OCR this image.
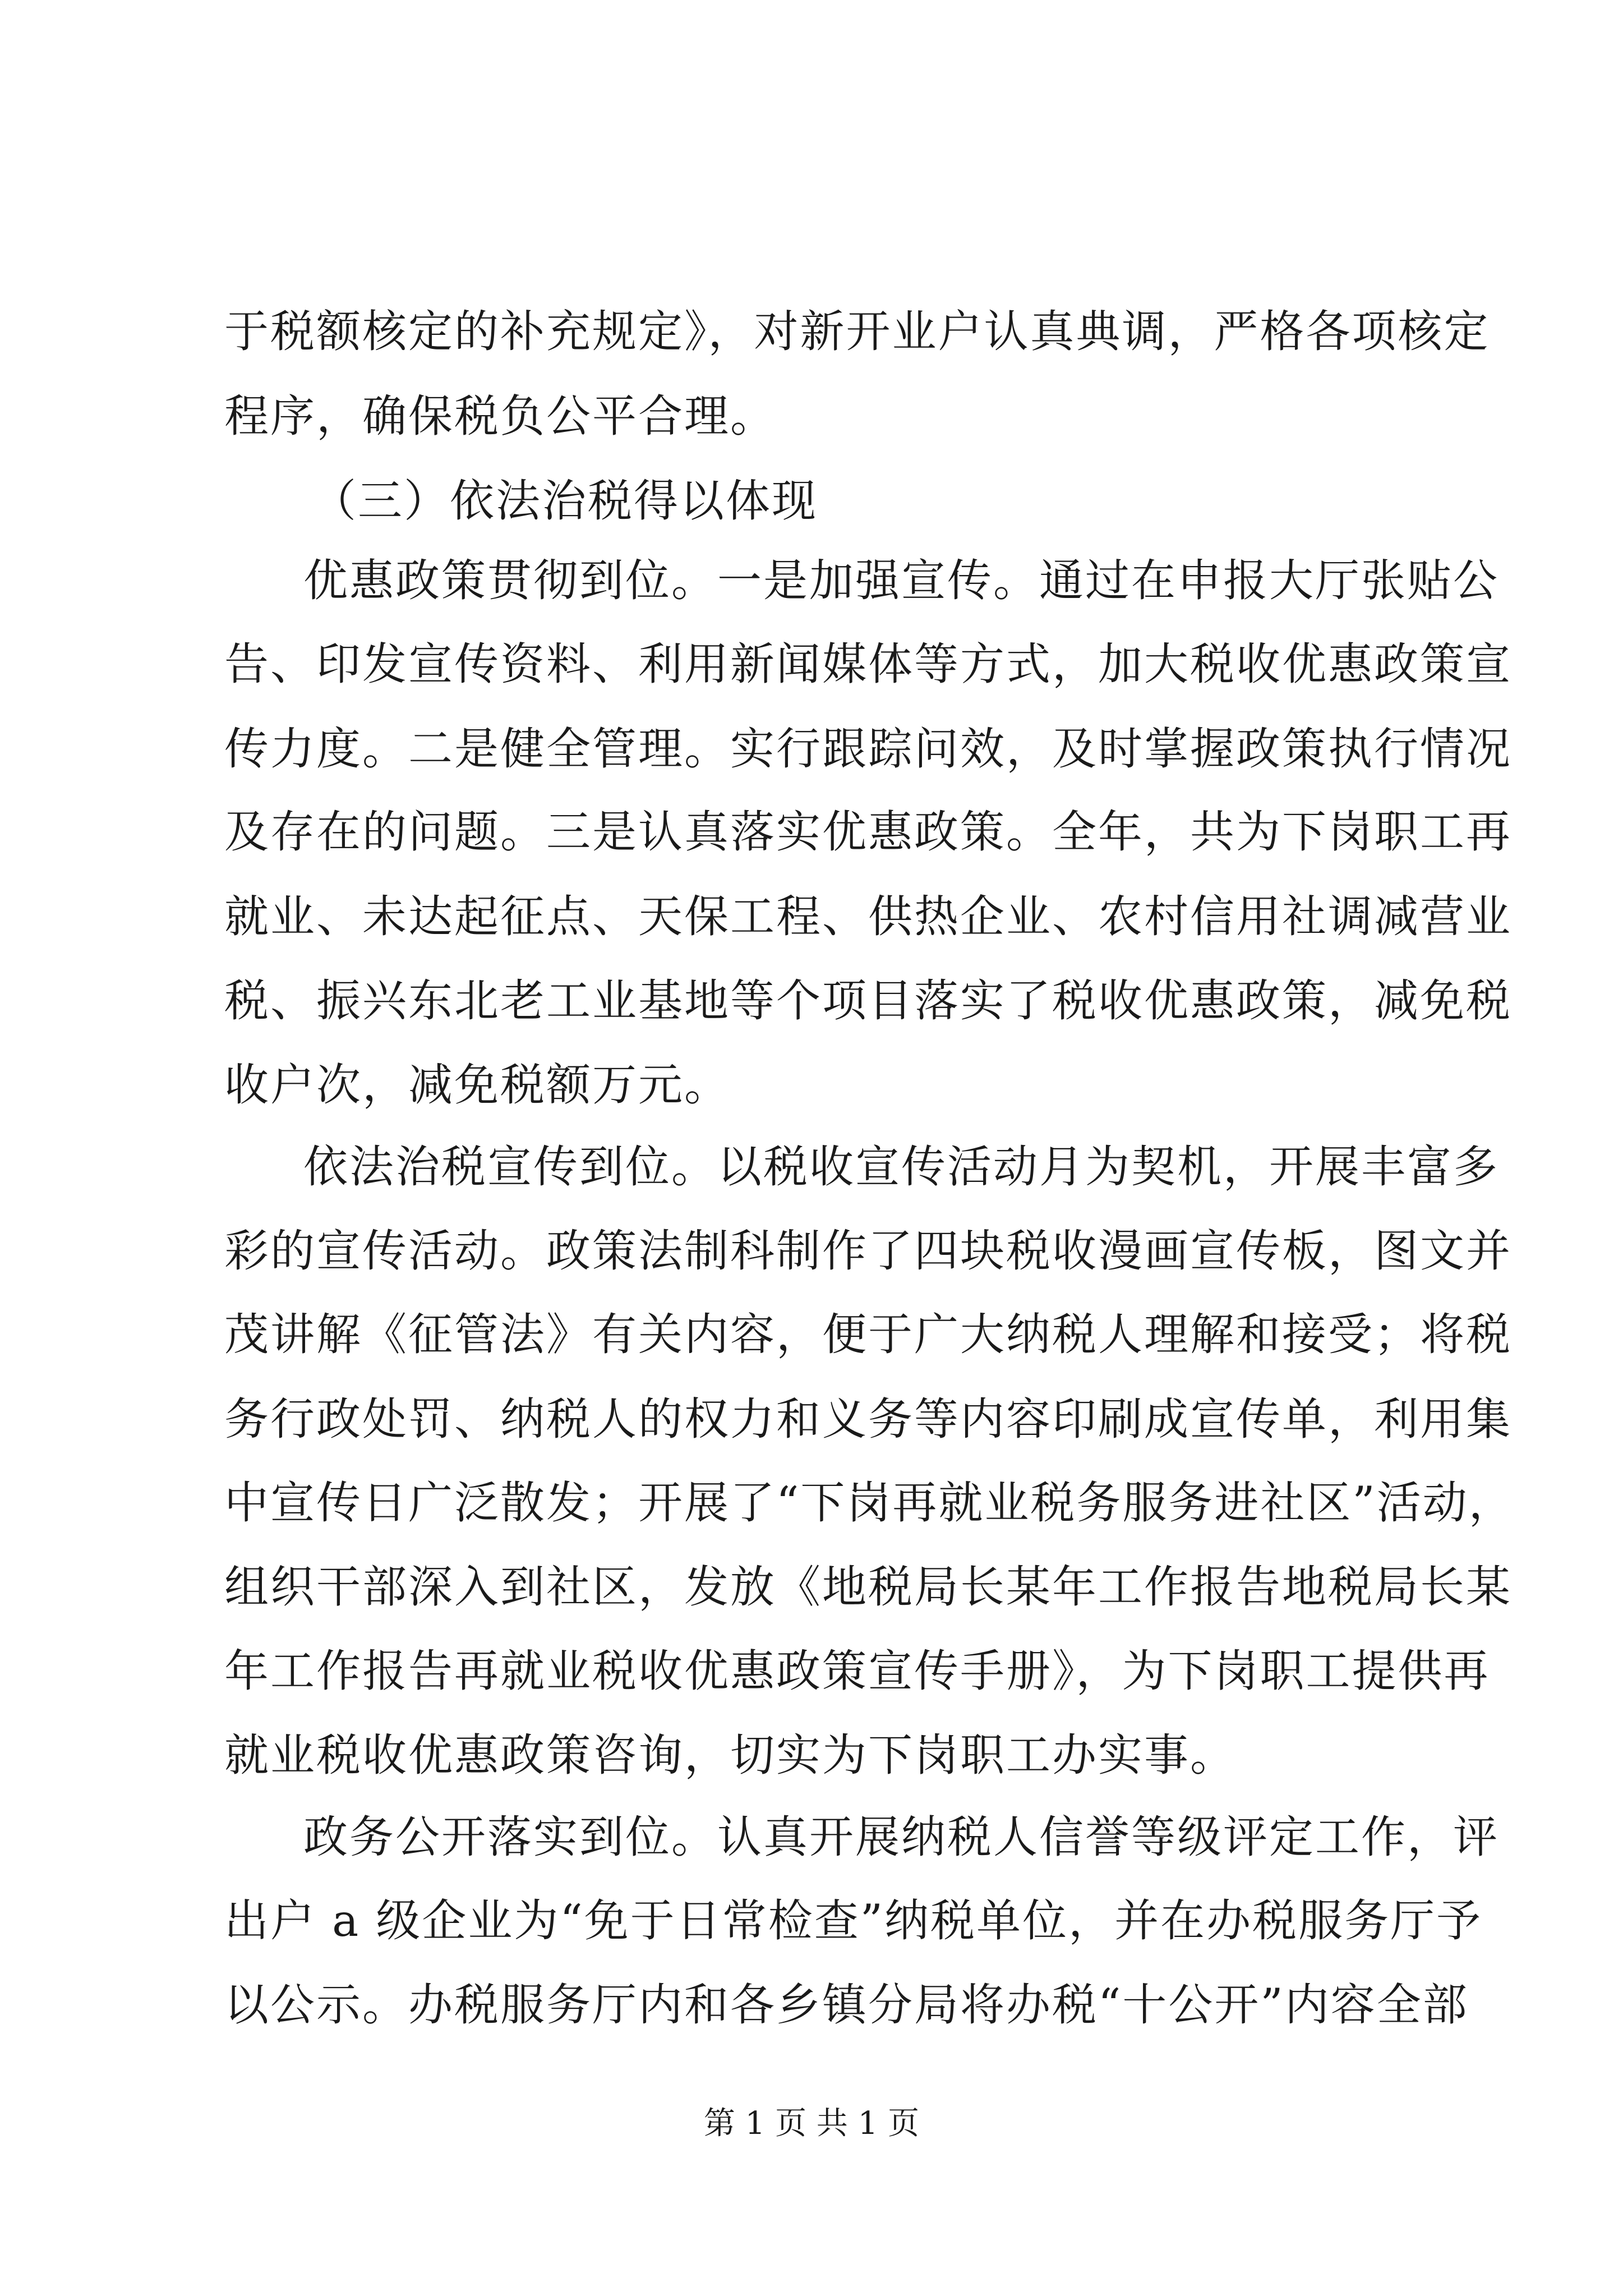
于税额核定的补充规定》，对新开业户认真典调，严格各项核定
程序，确保税负公平合理。
（三）依法治税得以体现
优惠政策贯彻到位。一是加强宣传。通过在申报大厅张贴公
告、印发宣传资料、利用新闻媒体等方式，加大税收优惠政策宣
传力度。二是健全管理。实行跟踪问效，及时掌握政策执行情况
及存在的问题。三是认真落实优惠政策。全年，共为下岗职工再
就业、未达起征点、天保工程、供热企业、农村信用社调减营业
税、振兴东北老工业基地等个项目落实了税收优惠政策，减免税
收户次，减免税额万元。
依法治税宣传到位。以税收宣传活动月为契机，开展丰富多
彩的宣传活动。政策法制科制作了四块税收漫画宣传板，图文并
茂讲解《征管法》有关内容，便于广大纳税人理解和接受；将税
务行政处罚、纳税人的权力和义务等内容印刷成宣传单，利用集
中宣传日广泛散发；开展了“下岗再就业税务服务进社区”活动，
组织干部深入到社区，发放《地税局长某年工作报告地税局长某
年工作报告再就业税收优惠政策宣传手册》，为下岗职工提供再
就业税收优惠政策咨询，切实为下岗职工办实事。
政务公开落实到位。认真开展纳税人信誉等级评定工作，评
出户 a 级企业为“免于日常检查”纳税单位，并在办税服务厅予
以公示。办税服务厅内和各乡镇分局将办税“十公开”内容全部
第 1 页 共 1 页
